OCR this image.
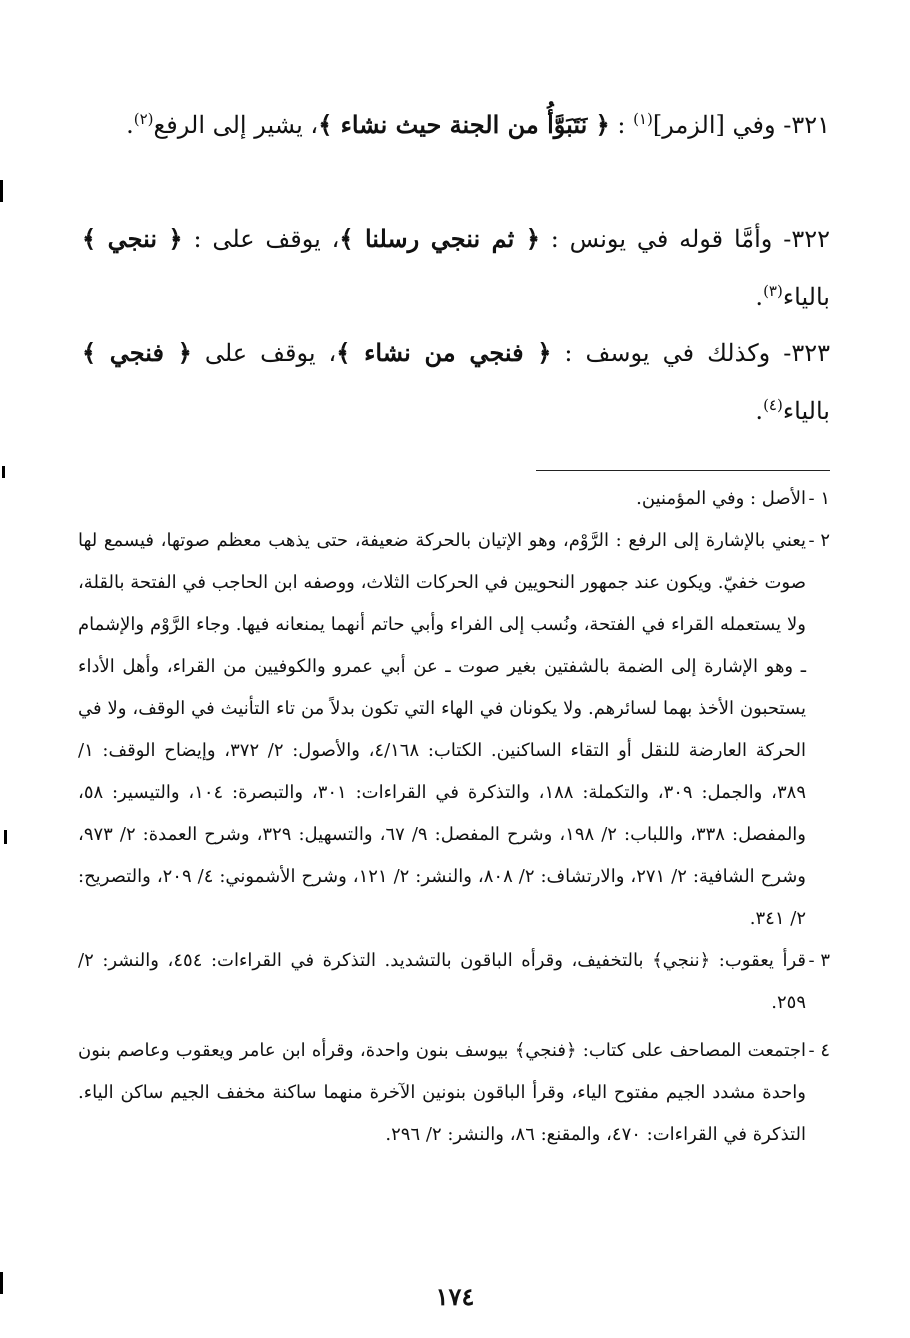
٣٢١- وفي [الزمر]$^{(١)}$ : ﴿ نَتَبَوَّأُ من الجنة حيث نشاء ﴾، يشير إلى الرفع$^{(٢)}$.
٣٢٢- وأمَّا قوله في يونس : ﴿ ثم ننجي رسلنا ﴾، يوقف على : ﴿ ننجي ﴾ بالياء$^{(٣)}$.
٣٢٣- وكذلك في يوسف : ﴿ فنجي من نشاء ﴾، يوقف على ﴿ فنجي ﴾ بالياء$^{(٤)}$.
١ -
الأصل : وفي المؤمنين.
٢ -
يعني بالإشارة إلى الرفع : الرَّوْم، وهو الإتيان بالحركة ضعيفة، حتى يذهب معظم صوتها، فيسمع لها صوت خفيّ. ويكون عند جمهور النحويين في الحركات الثلاث، ووصفه ابن الحاجب في الفتحة بالقلة، ولا يستعمله القراء في الفتحة، ونُسب إلى الفراء وأبي حاتم أنهما يمنعانه فيها. وجاء الرَّوْم والإشمام ـ وهو الإشارة إلى الضمة بالشفتين بغير صوت ـ عن أبي عمرو والكوفيين من القراء، وأهل الأداء يستحبون الأخذ بهما لسائرهم. ولا يكونان في الهاء التي تكون بدلاً من تاء التأنيث في الوقف، ولا في الحركة العارضة للنقل أو التقاء الساكنين. الكتاب: ٤/١٦٨، والأصول: ٢/ ٣٧٢، وإيضاح الوقف: ١/ ٣٨٩، والجمل: ٣٠٩، والتكملة: ١٨٨، والتذكرة في القراءات: ٣٠١، والتبصرة: ١٠٤، والتيسير: ٥٨، والمفصل: ٣٣٨، واللباب: ٢/ ١٩٨، وشرح المفصل: ٩/ ٦٧، والتسهيل: ٣٢٩، وشرح العمدة: ٢/ ٩٧٣، وشرح الشافية: ٢/ ٢٧١، والارتشاف: ٢/ ٨٠٨، والنشر: ٢/ ١٢١، وشرح الأشموني: ٤/ ٢٠٩، والتصريح: ٢/ ٣٤١.
٣ -
قرأ يعقوب: ﴿ننجي﴾ بالتخفيف، وقرأه الباقون بالتشديد. التذكرة في القراءات: ٤٥٤، والنشر: ٢/ ٢٥٩.
٤ -
اجتمعت المصاحف على كتاب: ﴿فنجي﴾ بيوسف بنون واحدة، وقرأه ابن عامر ويعقوب وعاصم بنون واحدة مشدد الجيم مفتوح الياء، وقرأ الباقون بنونين الآخرة منهما ساكنة مخفف الجيم ساكن الياء. التذكرة في القراءات: ٤٧٠، والمقنع: ٨٦، والنشر: ٢/ ٢٩٦.
١٧٤
